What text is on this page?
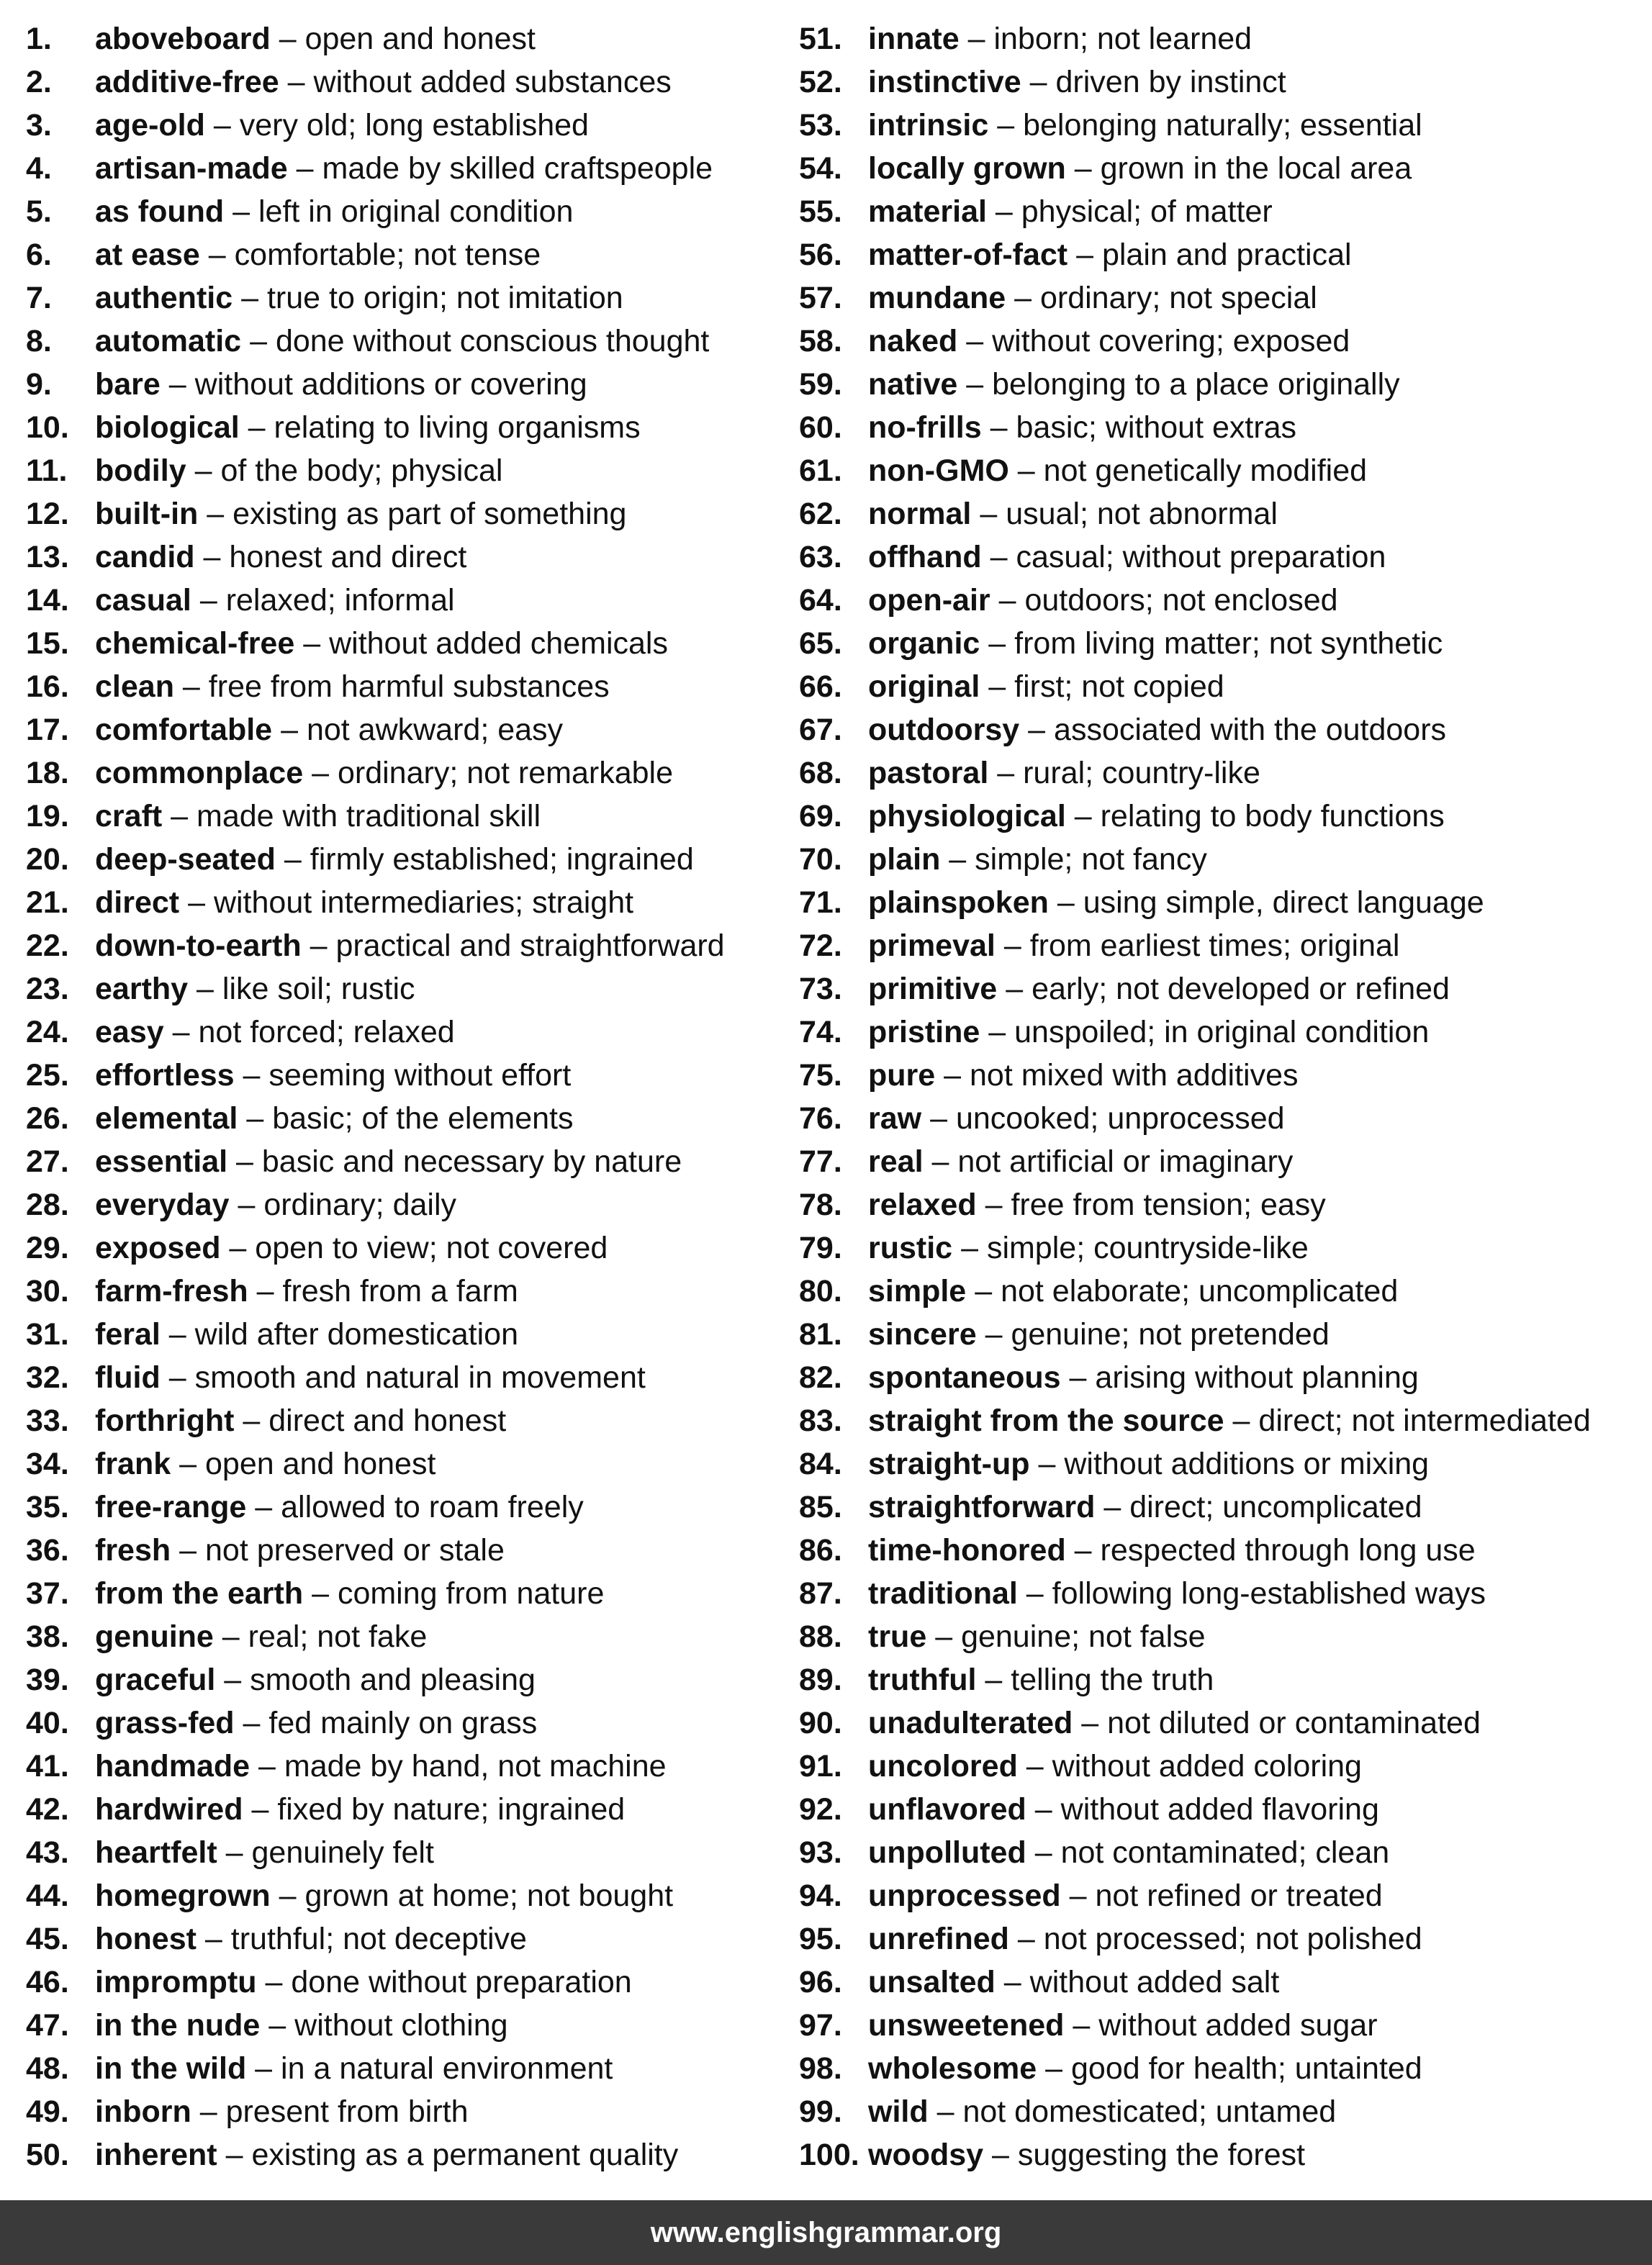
1. aboveboard – open and honest
2. additive-free – without added substances
3. age-old – very old; long established
4. artisan-made – made by skilled craftspeople
5. as found – left in original condition
6. at ease – comfortable; not tense
7. authentic – true to origin; not imitation
8. automatic – done without conscious thought
9. bare – without additions or covering
10. biological – relating to living organisms
11. bodily – of the body; physical
12. built-in – existing as part of something
13. candid – honest and direct
14. casual – relaxed; informal
15. chemical-free – without added chemicals
16. clean – free from harmful substances
17. comfortable – not awkward; easy
18. commonplace – ordinary; not remarkable
19. craft – made with traditional skill
20. deep-seated – firmly established; ingrained
21. direct – without intermediaries; straight
22. down-to-earth – practical and straightforward
23. earthy – like soil; rustic
24. easy – not forced; relaxed
25. effortless – seeming without effort
26. elemental – basic; of the elements
27. essential – basic and necessary by nature
28. everyday – ordinary; daily
29. exposed – open to view; not covered
30. farm-fresh – fresh from a farm
31. feral – wild after domestication
32. fluid – smooth and natural in movement
33. forthright – direct and honest
34. frank – open and honest
35. free-range – allowed to roam freely
36. fresh – not preserved or stale
37. from the earth – coming from nature
38. genuine – real; not fake
39. graceful – smooth and pleasing
40. grass-fed – fed mainly on grass
41. handmade – made by hand, not machine
42. hardwired – fixed by nature; ingrained
43. heartfelt – genuinely felt
44. homegrown – grown at home; not bought
45. honest – truthful; not deceptive
46. impromptu – done without preparation
47. in the nude – without clothing
48. in the wild – in a natural environment
49. inborn – present from birth
50. inherent – existing as a permanent quality
51. innate – inborn; not learned
52. instinctive – driven by instinct
53. intrinsic – belonging naturally; essential
54. locally grown – grown in the local area
55. material – physical; of matter
56. matter-of-fact – plain and practical
57. mundane – ordinary; not special
58. naked – without covering; exposed
59. native – belonging to a place originally
60. no-frills – basic; without extras
61. non-GMO – not genetically modified
62. normal – usual; not abnormal
63. offhand – casual; without preparation
64. open-air – outdoors; not enclosed
65. organic – from living matter; not synthetic
66. original – first; not copied
67. outdoorsy – associated with the outdoors
68. pastoral – rural; country-like
69. physiological – relating to body functions
70. plain – simple; not fancy
71. plainspoken – using simple, direct language
72. primeval – from earliest times; original
73. primitive – early; not developed or refined
74. pristine – unspoiled; in original condition
75. pure – not mixed with additives
76. raw – uncooked; unprocessed
77. real – not artificial or imaginary
78. relaxed – free from tension; easy
79. rustic – simple; countryside-like
80. simple – not elaborate; uncomplicated
81. sincere – genuine; not pretended
82. spontaneous – arising without planning
83. straight from the source – direct; not intermediated
84. straight-up – without additions or mixing
85. straightforward – direct; uncomplicated
86. time-honored – respected through long use
87. traditional – following long-established ways
88. true – genuine; not false
89. truthful – telling the truth
90. unadulterated – not diluted or contaminated
91. uncolored – without added coloring
92. unflavored – without added flavoring
93. unpolluted – not contaminated; clean
94. unprocessed – not refined or treated
95. unrefined – not processed; not polished
96. unsalted – without added salt
97. unsweetened – without added sugar
98. wholesome – good for health; untainted
99. wild – not domesticated; untamed
100. woodsy – suggesting the forest
www.englishgrammar.org
